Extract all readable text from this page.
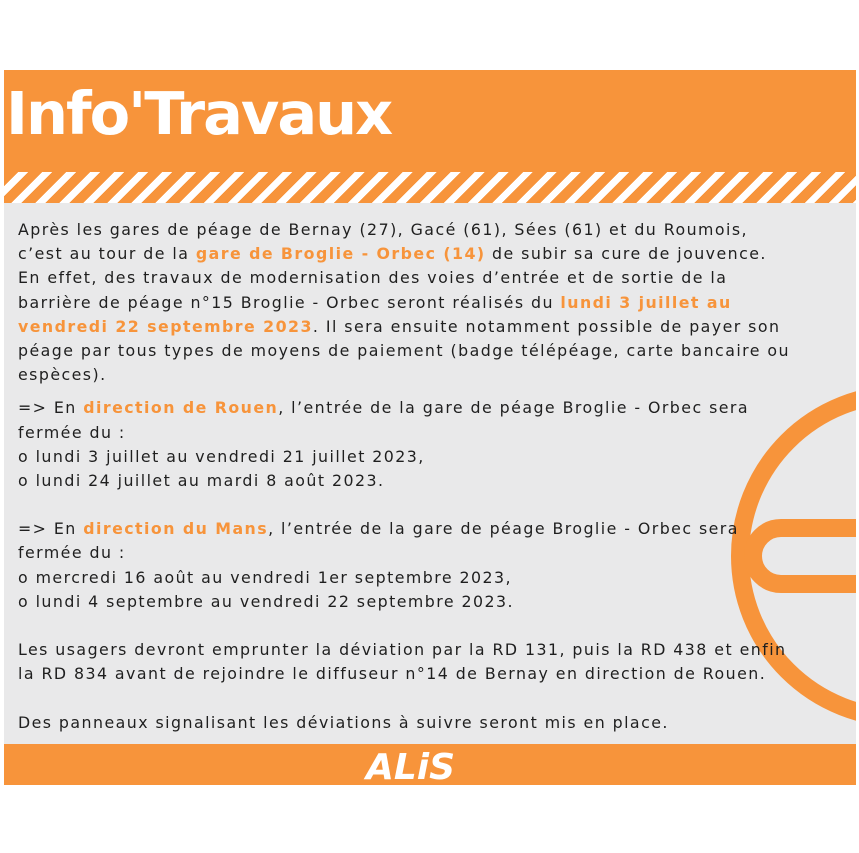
Info'Travaux
Après les gares de péage de Bernay (27), Gacé (61), Sées (61) et du Roumois,
c’est au tour de la gare de Broglie - Orbec (14) de subir sa cure de jouvence.
En effet, des travaux de modernisation des voies d’entrée et de sortie de la
barrière de péage n°15 Broglie - Orbec seront réalisés du lundi 3 juillet au
vendredi 22 septembre 2023. Il sera ensuite notamment possible de payer son
péage par tous types de moyens de paiement (badge télépéage, carte bancaire ou
espèces).
=> En direction de Rouen, l’entrée de la gare de péage Broglie - Orbec sera
fermée du :
o lundi 3 juillet au vendredi 21 juillet 2023,
o lundi 24 juillet au mardi 8 août 2023.
=> En direction du Mans, l’entrée de la gare de péage Broglie - Orbec sera
fermée du :
o mercredi 16 août au vendredi 1er septembre 2023,
o lundi 4 septembre au vendredi 22 septembre 2023.
Les usagers devront emprunter la déviation par la RD 131, puis la RD 438 et enfin
la RD 834 avant de rejoindre le diffuseur n°14 de Bernay en direction de Rouen.
Des panneaux signalisant les déviations à suivre seront mis en place.
ALiS
